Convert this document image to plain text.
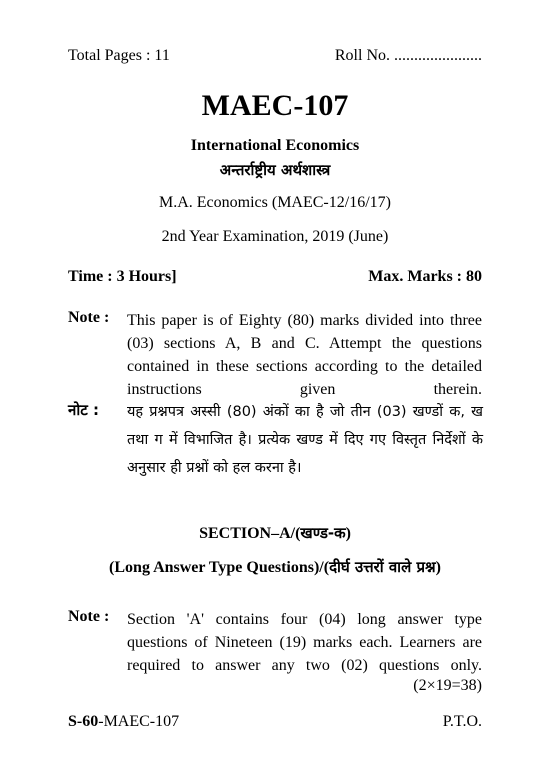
Total Pages : 11	Roll No. ......................
MAEC-107
International Economics
अन्तर्राष्ट्रीय अर्थशास्त्र
M.A. Economics (MAEC-12/16/17)
2nd Year Examination, 2019 (June)
Time : 3 Hours]	Max. Marks : 80
Note : This paper is of Eighty (80) marks divided into three (03) sections A, B and C. Attempt the questions contained in these sections according to the detailed instructions given therein.
नोट : यह प्रश्नपत्र अस्सी (80) अंकों का है जो तीन (03) खण्डों क, ख तथा ग में विभाजित है। प्रत्येक खण्ड में दिए गए विस्तृत निर्देशों के अनुसार ही प्रश्नों को हल करना है।
SECTION–A/(खण्ड-क)
(Long Answer Type Questions)/(दीर्घ उत्तरों वाले प्रश्न)
Note : Section 'A' contains four (04) long answer type questions of Nineteen (19) marks each. Learners are required to answer any two (02) questions only.
(2×19=38)
S-60-MAEC-107	P.T.O.
